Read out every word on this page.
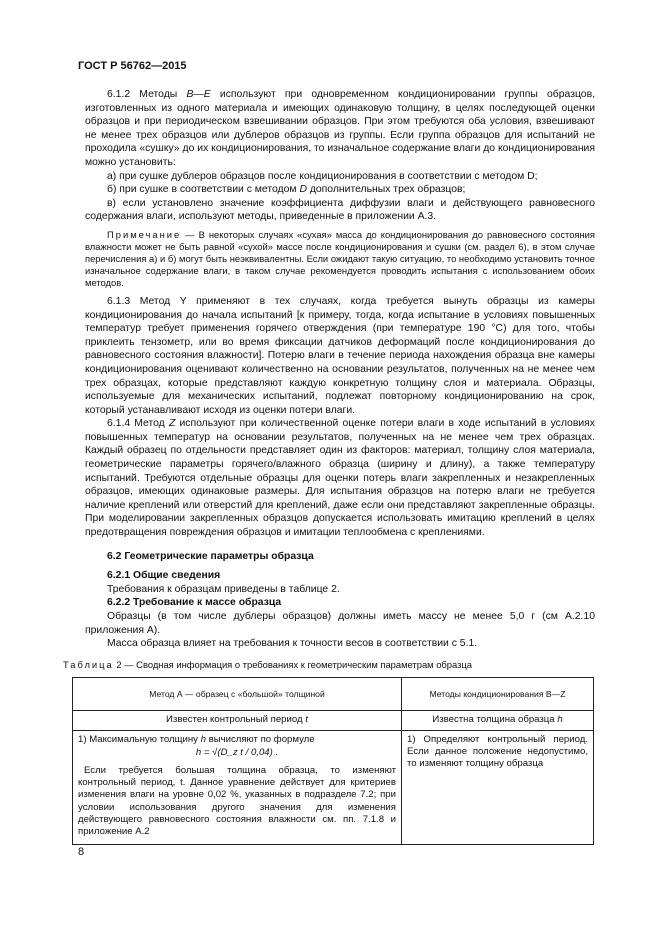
ГОСТ Р 56762—2015

6.1.2 Методы B—E используют при одновременном кондиционировании группы образцов, изготовленных из одного материала и имеющих одинаковую толщину, в целях последующей оценки образцов и при периодическом взвешивании образцов. При этом требуются оба условия, взвешивают не менее трех образцов или дублеров образцов из группы. Если группа образцов для испытаний не проходила «сушку» до их кондиционирования, то изначальное содержание влаги до кондиционирования можно установить:

а) при сушке дублеров образцов после кондиционирования в соответствии с методом D;

б) при сушке в соответствии с методом D дополнительных трех образцов;

в) если установлено значение коэффициента диффузии влаги и действующего равновесного содержания влаги, используют методы, приведенные в приложении А.3.

Примечание — В некоторых случаях «сухая» масса до кондиционирования до равновесного состояния влажности может не быть равной «сухой» массе после кондиционирования и сушки (см. раздел 6), в этом случае перечисления а) и б) могут быть неэквивалентны. Если ожидают такую ситуацию, то необходимо установить точное изначальное содержание влаги, в таком случае рекомендуется проводить испытания с использованием обоих методов.

6.1.3 Метод Y применяют в тех случаях, когда требуется вынуть образцы из камеры кондиционирования до начала испытаний [к примеру, тогда, когда испытание в условиях повышенных температур требует применения горячего отверждения (при температуре 190 °С) для того, чтобы приклеить тензометр, или во время фиксации датчиков деформаций после кондиционирования до равновесного состояния влажности]. Потерю влаги в течение периода нахождения образца вне камеры кондиционирования оценивают количественно на основании результатов, полученных на не менее чем трех образцах, которые представляют каждую конкретную толщину слоя и материала. Образцы, используемые для механических испытаний, подлежат повторному кондиционированию на срок, который устанавливают исходя из оценки потери влаги.

6.1.4 Метод Z используют при количественной оценке потери влаги в ходе испытаний в условиях повышенных температур на основании результатов, полученных на не менее чем трех образцах. Каждый образец по отдельности представляет один из факторов: материал, толщину слоя материала, геометрические параметры горячего/влажного образца (ширину и длину), а также температуру испытаний. Требуются отдельные образцы для оценки потерь влаги закрепленных и незакрепленных образцов, имеющих одинаковые размеры. Для испытания образцов на потерю влаги не требуется наличие креплений или отверстий для креплений, даже если они представляют закрепленные образцы. При моделировании закрепленных образцов допускается использовать имитацию креплений в целях предотвращения повреждения образцов и имитации теплообмена с креплениями.

6.2 Геометрические параметры образца

6.2.1 Общие сведения

Требования к образцам приведены в таблице 2.

6.2.2 Требование к массе образца

Образцы (в том числе дублеры образцов) должны иметь массу не менее 5,0 г (см А.2.10 приложения А).

Масса образца влияет на требования к точности весов в соответствии с 5.1.

Таблица 2 — Сводная информация о требованиях к геометрическим параметрам образца

Метод А — образец с «большой» толщиной	Методы кондиционирования B—Z
Известен контрольный период t	Известна толщина образца h

1) Максимальную толщину h вычисляют по формуле
h = √(D_z t / 0,04) .
Если требуется большая толщина образца, то изменяют контрольный период, t. Данное уравнение действует для критериев изменения влаги на уровне 0,02 %, указанных в подразделе 7.2; при условии использования другого значения для изменения действующего равновесного состояния влажности см. пп. 7.1.8 и приложение А.2	1) Определяют контрольный период. Если данное положение недопустимо, то изменяют толщину образца
8
